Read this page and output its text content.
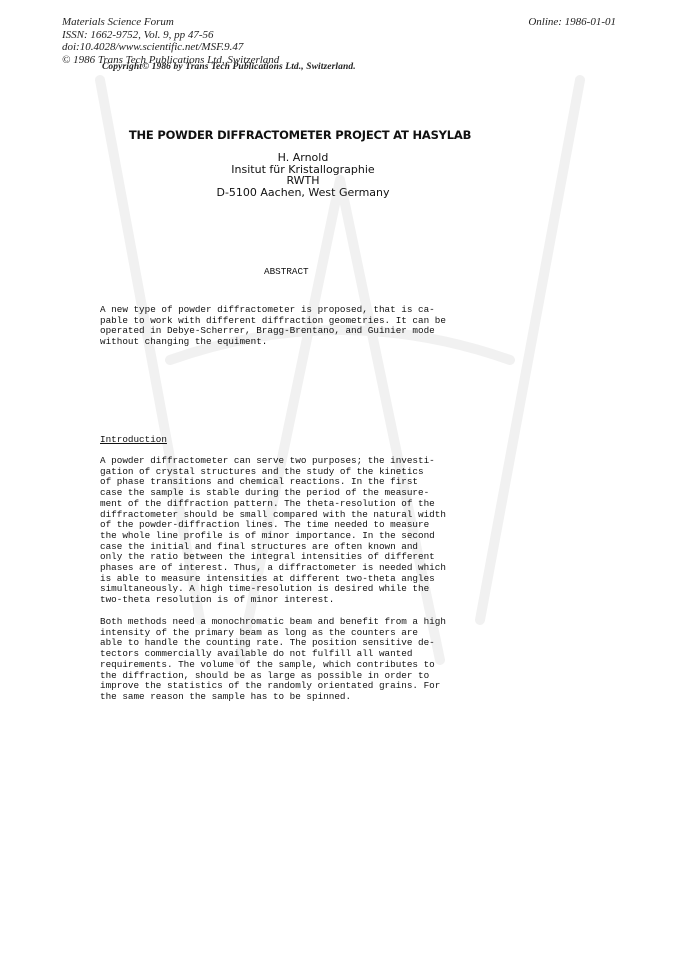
Materials Science Forum
ISSN: 1662-9752, Vol. 9, pp 47-56
doi:10.4028/www.scientific.net/MSF.9.47
© 1986 Trans Tech Publications Ltd, Switzerland
Online: 1986-01-01
Copyright© 1986 by Trans Tech Publications Ltd., Switzerland.
THE POWDER DIFFRACTOMETER PROJECT AT HASYLAB
H. Arnold
Insitut für Kristallographie
RWTH
D-5100 Aachen, West Germany
ABSTRACT
A new type of powder diffractometer is proposed, that is ca-
pable to work with different diffraction geometries. It can be
operated in Debye-Scherrer, Bragg-Brentano, and Guinier mode
without changing the equiment.
Introduction
A powder diffractometer can serve two purposes; the investi-
gation of crystal structures and the study of the kinetics
of phase transitions and chemical reactions. In the first
case the sample is stable during the period of the measure-
ment of the diffraction pattern. The theta-resolution of the
diffractometer should be small compared with the natural width
of the powder-diffraction lines. The time needed to measure
the whole line profile is of minor importance. In the second
case the initial and final structures are often known and
only the ratio between the integral intensities of different
phases are of interest. Thus, a diffractometer is needed which
is able to measure intensities at different two-theta angles
simultaneously. A high time-resolution is desired while the
two-theta resolution is of minor interest.
Both methods need a monochromatic beam and benefit from a high
intensity of the primary beam as long as the counters are
able to handle the counting rate. The position sensitive de-
tectors commercially available do not fulfill all wanted
requirements. The volume of the sample, which contributes to
the diffraction, should be as large as possible in order to
improve the statistics of the randomly orientated grains. For
the same reason the sample has to be spinned.
